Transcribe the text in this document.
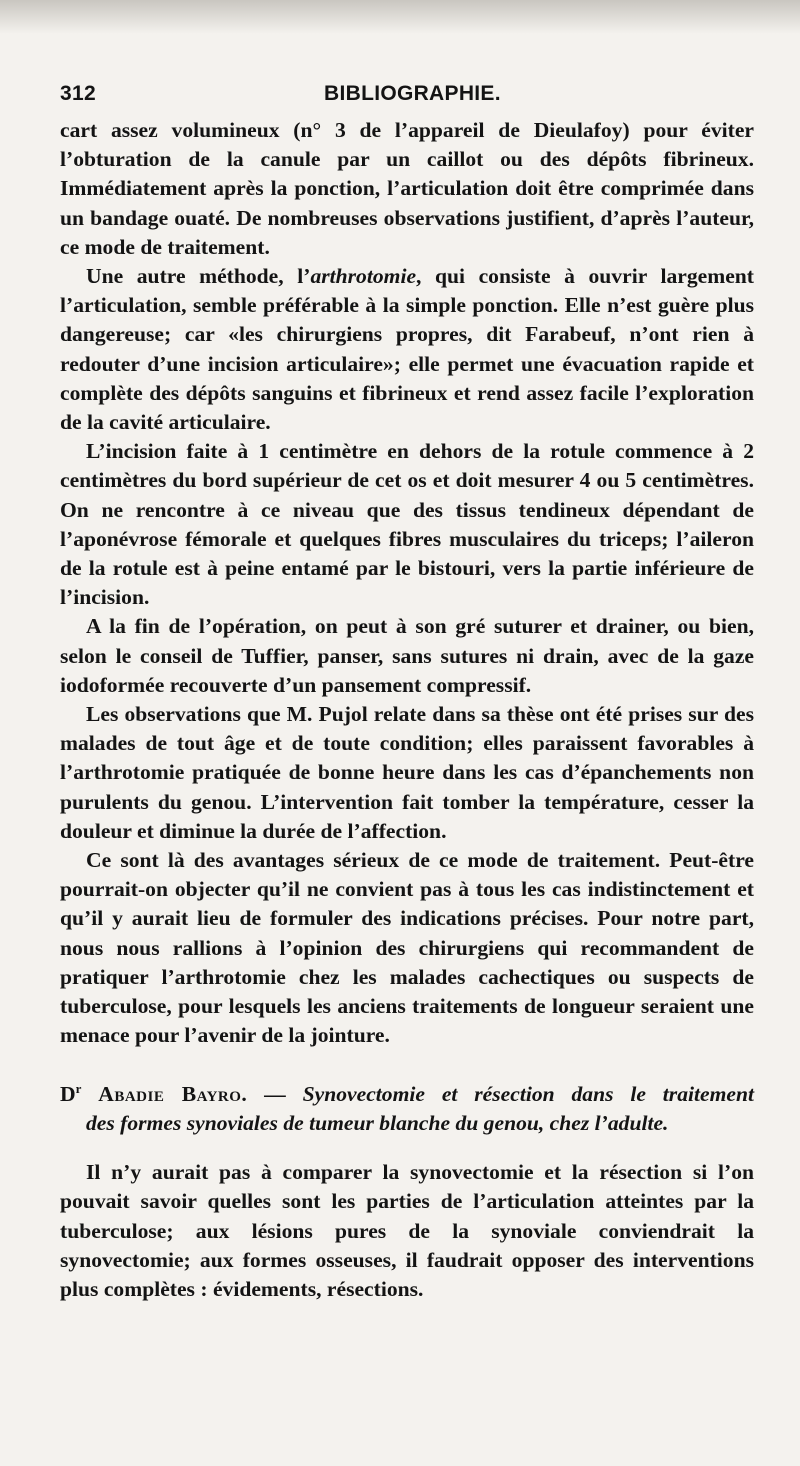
312	BIBLIOGRAPHIE.

cart assez volumineux (n° 3 de l’appareil de Dieulafoy) pour éviter l’obturation de la canule par un caillot ou des dépôts fibrineux. Immédiatement après la ponction, l’articulation doit être comprimée dans un bandage ouaté. De nombreuses observations justifient, d’après l’auteur, ce mode de traitement.

Une autre méthode, l’arthrotomie, qui consiste à ouvrir largement l’articulation, semble préférable à la simple ponction. Elle n’est guère plus dangereuse; car «les chirurgiens propres, dit Farabeuf, n’ont rien à redouter d’une incision articulaire»; elle permet une évacuation rapide et complète des dépôts sanguins et fibrineux et rend assez facile l’exploration de la cavité articulaire.

L’incision faite à 1 centimètre en dehors de la rotule commence à 2 centimètres du bord supérieur de cet os et doit mesurer 4 ou 5 centimètres. On ne rencontre à ce niveau que des tissus tendineux dépendant de l’aponévrose fémorale et quelques fibres musculaires du triceps; l’aileron de la rotule est à peine entamé par le bistouri, vers la partie inférieure de l’incision.

A la fin de l’opération, on peut à son gré suturer et drainer, ou bien, selon le conseil de Tuffier, panser, sans sutures ni drain, avec de la gaze iodoformée recouverte d’un pansement compressif.

Les observations que M. Pujol relate dans sa thèse ont été prises sur des malades de tout âge et de toute condition; elles paraissent favorables à l’arthrotomie pratiquée de bonne heure dans les cas d’épanchements non purulents du genou. L’intervention fait tomber la température, cesser la douleur et diminue la durée de l’affection.

Ce sont là des avantages sérieux de ce mode de traitement. Peut-être pourrait-on objecter qu’il ne convient pas à tous les cas indistinctement et qu’il y aurait lieu de formuler des indications précises. Pour notre part, nous nous rallions à l’opinion des chirurgiens qui recommandent de pratiquer l’arthrotomie chez les malades cachectiques ou suspects de tuberculose, pour lesquels les anciens traitements de longueur seraient une menace pour l’avenir de la jointure.

$D^r$ Abadie Bayro. — Synovectomie et résection dans le traitement
des formes synoviales de tumeur blanche du genou, chez l’adulte.

Il n’y aurait pas à comparer la synovectomie et la résection si l’on pouvait savoir quelles sont les parties de l’articulation atteintes par la tuberculose; aux lésions pures de la synoviale conviendrait la synovectomie; aux formes osseuses, il faudrait opposer des interventions plus complètes : évidements, résections.
